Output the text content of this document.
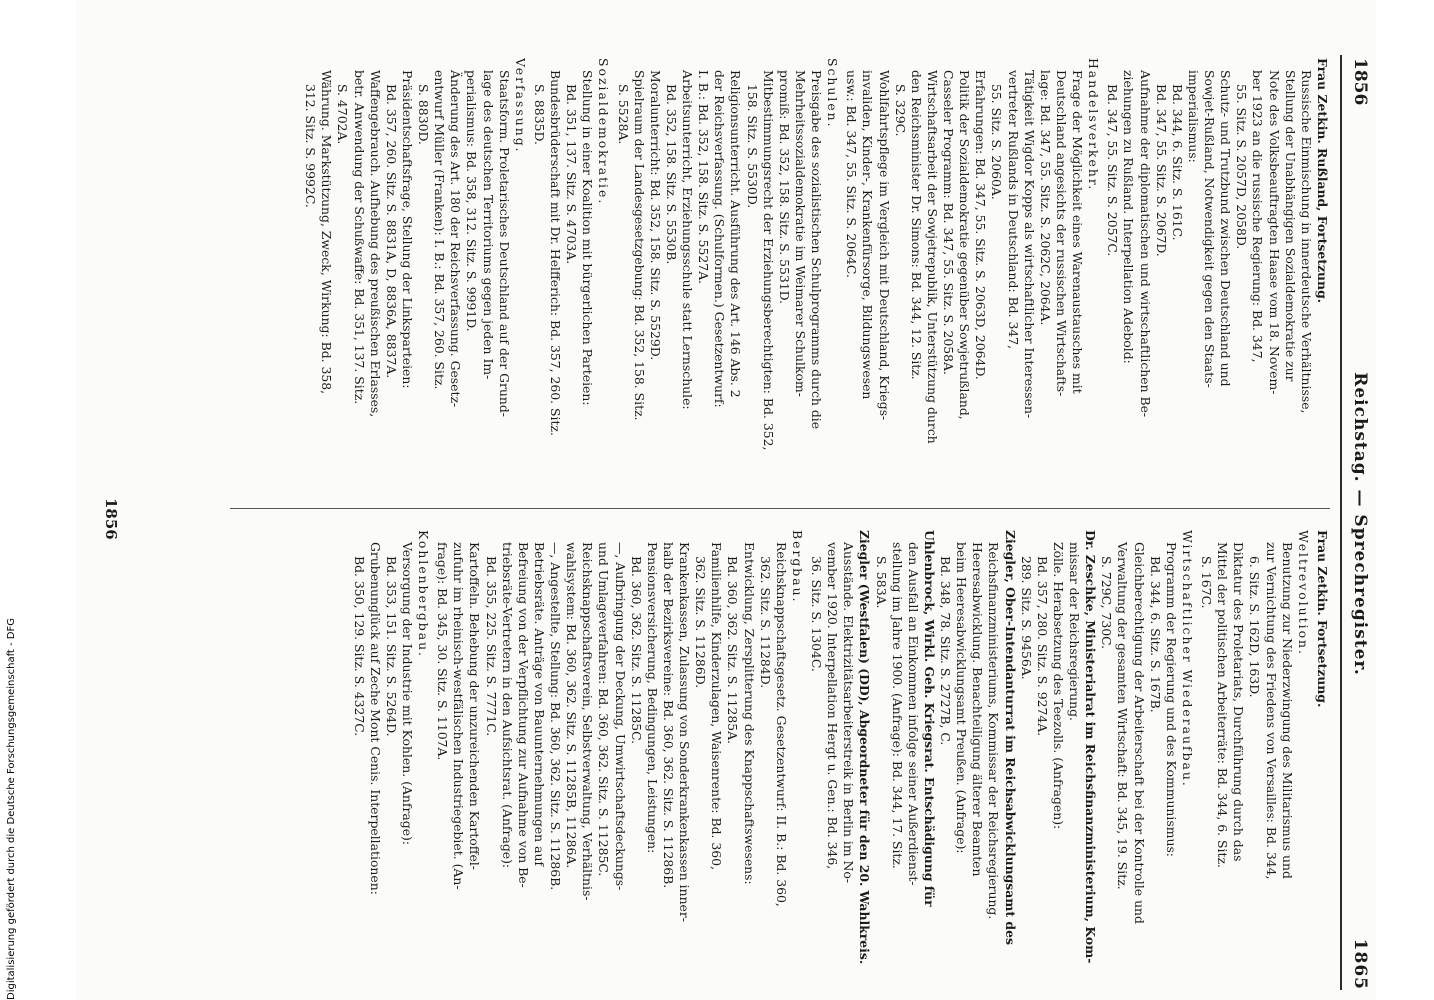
1856
Reichstag. — Sprechregister.
1865
Frau Zetkin. Rußland, Fortsetzung.
Russische Einmischung in innerdeutsche Verhältnisse,
Stellung der Unabhängigen Sozialdemokratie zur
Note des Volksbeauftragten Haase vom 18. Novem-
ber 1923 an die russische Regierung: Bd. 347,
55. Sitz. S. 2057D, 2058D.
Schutz- und Trutzbund zwischen Deutschland und
Sowjet-Rußland, Notwendigkeit gegen den Staats-
imperialismus:
Bd. 344, 6. Sitz. S. 161C.
Bd. 347, 55. Sitz. S. 2067D.
Aufnahme der diplomatischen und wirtschaftlichen Be-
ziehungen zu Rußland. Interpellation Adebold:
Bd. 347, 55. Sitz. S. 2057C.
Handelsverkehr.
Frage der Möglichkeit eines Warenaustausches mit
Deutschland angesichts der russischen Wirtschafts-
lage: Bd. 347, 55. Sitz. S. 2062C, 2064A.
Tätigkeit Wigdor Kopps als wirtschaftlicher Interessen-
vertreter Rußlands in Deutschland: Bd. 347,
55. Sitz. S. 2060A.
Erfahrungen: Bd. 347, 55. Sitz. S. 2063D, 2064D.
Politik der Sozialdemokratie gegenüber Sowjetrußland,
Casseler Programm: Bd. 347, 55. Sitz. S. 2058A.
Wirtschaftsarbeit der Sowjetrepublik, Unterstützung durch
den Reichsminister Dr. Simons: Bd. 344, 12. Sitz.
S. 329C.
Wohlfahrtspflege im Vergleich mit Deutschland, Kriegs-
invaliden, Kinder-, Krankenfürsorge, Bildungswesen
usw.: Bd. 347, 55. Sitz. S. 2064C.
Schulen.
Preisgabe des sozialistischen Schulprogramms durch die
Mehrheitssozialdemokratie im Weimarer Schulkom-
promiß: Bd. 352, 158. Sitz. S. 5531D.
Mitbestimmungsrecht der Erziehungsberechtigten: Bd. 352,
158. Sitz. S. 5530D.
Religionsunterricht. Ausführung des Art. 146 Abs. 2
der Reichsverfassung. (Schulformen.) Gesetzentwurf:
I. B.: Bd. 352, 158. Sitz. S. 5527A.
Arbeitsunterricht, Erziehungsschule statt Lernschule:
Bd. 352, 158. Sitz. S. 5530B.
Moralunterricht: Bd. 352, 158. Sitz. S. 5529D.
Spielraum der Landesgesetzgebung: Bd. 352, 158. Sitz.
S. 5528A.
Sozialdemokratie.
Stellung in einer Koalition mit bürgerlichen Parteien:
Bd. 351, 137. Sitz. S. 4703A.
Bundesbrüderschaft mit Dr. Helfferich: Bd. 357, 260. Sitz.
S. 8835D.
Verfassung.
Staatsform. Proletarisches Deutschland auf der Grund-
lage des deutschen Territoriums gegen jeden Im-
perialismus: Bd. 358, 312. Sitz. S. 9991D.
Änderung des Art. 180 der Reichsverfassung. Gesetz-
entwurf Müller (Franken): I. B.: Bd. 357, 260. Sitz.
S. 8830D.
Präsidentschaftsfrage, Stellung der Linksparteien:
Bd. 357, 260. Sitz. S. 8831A, D, 8836A, 8837A.
Waffengebrauch. Aufhebung des preußischen Erlasses,
betr. Anwendung der Schußwaffe: Bd. 351, 137. Sitz.
S. 4702A.
Währung. Markstützung, Zweck, Wirkung: Bd. 358,
312. Sitz. S. 9992C.
Frau Zetkin. Fortsetzung.
Weltrevolution.
Benutzung zur Niederzwingung des Militarismus und
zur Vernichtung des Friedens von Versailles: Bd. 344,
6. Sitz. S. 162D, 163D.
Diktatur des Proletariats, Durchführung durch das
Mittel der politischen Arbeiterräte: Bd. 344, 6. Sitz.
S. 167C.
Wirtschaftlicher Wiederaufbau.
Programm der Regierung und des Kommunismus:
Bd. 344, 6. Sitz. S. 167B.
Gleichberechtigung der Arbeiterschaft bei der Kontrolle und
Verwaltung der gesamten Wirtschaft: Bd. 345, 19. Sitz.
S. 729C, 730C.
Dr. Zeschke, Ministerialrat im Reichsfinanzministerium, Kom-
missar der Reichsregierung.
Zölle. Herabsetzung des Teezolls. (Anfragen):
Bd. 357, 280. Sitz. S. 9274A.
289. Sitz. S. 9456A.
Ziegler, Ober-Intendanturrat im Reichsabwicklungsamt des
Reichsfinanzministeriums, Kommissar der Reichsregierung.
Heeresabwicklung. Benachteiligung älterer Beamten
beim Heeresabwicklungsamt Preußen. (Anfrage):
Bd. 348, 78. Sitz. S. 2727B, C.
Uhlenbrock, Wirkl. Geh. Kriegsrat. Entschädigung für
den Ausfall an Einkommen infolge seiner Außerdienst-
stellung im Jahre 1900. (Anfrage): Bd. 344, 17. Sitz.
S. 583A.
Ziegler (Westfalen) (DD), Abgeordneter für den 20. Wahlkreis.
Ausstände. Elektrizitätsarbeiterstreik in Berlin im No-
vember 1920. Interpellation Hergt u. Gen.: Bd. 346,
36. Sitz. S. 1304C.
Bergbau.
Reichsknappschaftsgesetz. Gesetzentwurf: II. B.: Bd. 360,
362. Sitz. S. 11284D.
Entwicklung, Zersplitterung des Knappschaftswesens:
Bd. 360, 362. Sitz. S. 11285A.
Familienhilfe, Kinderzulagen, Waisenrente: Bd. 360,
362. Sitz. S. 11286D.
Krankenkassen, Zulassung von Sonderkrankenkassen inner-
halb der Bezirksvereine: Bd. 360, 362. Sitz. S. 11286B.
Pensionsversicherung, Bedingungen, Leistungen:
Bd. 360, 362. Sitz. S. 11285C.
—, Aufbringung der Deckung, Umwirtschaftsdeckungs-
und Umlageverfahren: Bd. 360, 362. Sitz. S. 11285C.
Reichsknappschaftsverein, Selbstverwaltung, Verhältnis-
wahlsystem: Bd. 360, 362. Sitz. S. 11285B, 11286A.
—, Angestellte, Stellung: Bd. 360, 362. Sitz. S. 11286B.
Betriebsräte. Anträge von Bauunternehmungen auf
Befreiung von der Verpflichtung zur Aufnahme von Be-
triebsräte-Vertretern in den Aufsichtsrat. (Anfrage):
Bd. 355, 225. Sitz. S. 7771C.
Kartoffeln. Behebung der unzureichenden Kartoffel-
zufuhr im rheinisch-westfälischen Industriegebiet. (An-
frage): Bd. 345, 30. Sitz. S. 1107A.
Kohlenbergbau.
Versorgung der Industrie mit Kohlen. (Anfrage):
Bd. 353, 151. Sitz. S. 5264D.
Grubenunglück auf Zeche Mont Cenis. Interpellationen:
Bd. 350, 129. Sitz. S. 4327C.
1856
Digitalisierung gefördert durch die Deutsche Forschungsgemeinschaft - DFG
